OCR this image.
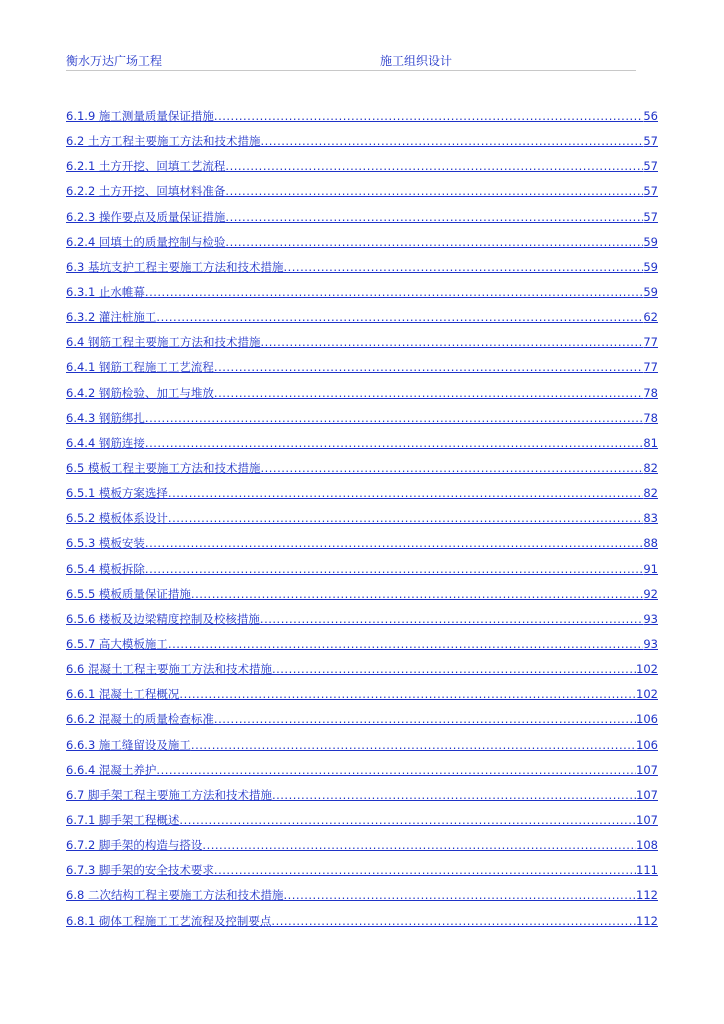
衡水万达广场工程	施工组织设计
6.1.9 施工测量质量保证措施 .....	56
6.2 土方工程主要施工方法和技术措施 .....	57
6.2.1 土方开挖、回填工艺流程 .....	57
6.2.2 土方开挖、回填材料准备 .....	57
6.2.3 操作要点及质量保证措施 .....	57
6.2.4 回填土的质量控制与检验 .....	59
6.3 基坑支护工程主要施工方法和技术措施 .....	59
6.3.1 止水帷幕 .....	59
6.3.2 灌注桩施工 .....	62
6.4 钢筋工程主要施工方法和技术措施 .....	77
6.4.1 钢筋工程施工工艺流程 .....	77
6.4.2 钢筋检验、加工与堆放 .....	78
6.4.3 钢筋绑扎 .....	78
6.4.4 钢筋连接 .....	81
6.5 模板工程主要施工方法和技术措施 .....	82
6.5.1 模板方案选择 .....	82
6.5.2 模板体系设计 .....	83
6.5.3 模板安装 .....	88
6.5.4 模板拆除 .....	91
6.5.5 模板质量保证措施 .....	92
6.5.6 楼板及边梁精度控制及校核措施 .....	93
6.5.7 高大模板施工 .....	93
6.6 混凝土工程主要施工方法和技术措施 .....	102
6.6.1 混凝土工程概况 .....	102
6.6.2 混凝土的质量检查标准 .....	106
6.6.3 施工缝留设及施工 .....	106
6.6.4 混凝土养护 .....	107
6.7 脚手架工程主要施工方法和技术措施 .....	107
6.7.1 脚手架工程概述 .....	107
6.7.2 脚手架的构造与搭设 .....	108
6.7.3 脚手架的安全技术要求 .....	111
6.8 二次结构工程主要施工方法和技术措施 .....	112
6.8.1 砌体工程施工工艺流程及控制要点 .....	112
